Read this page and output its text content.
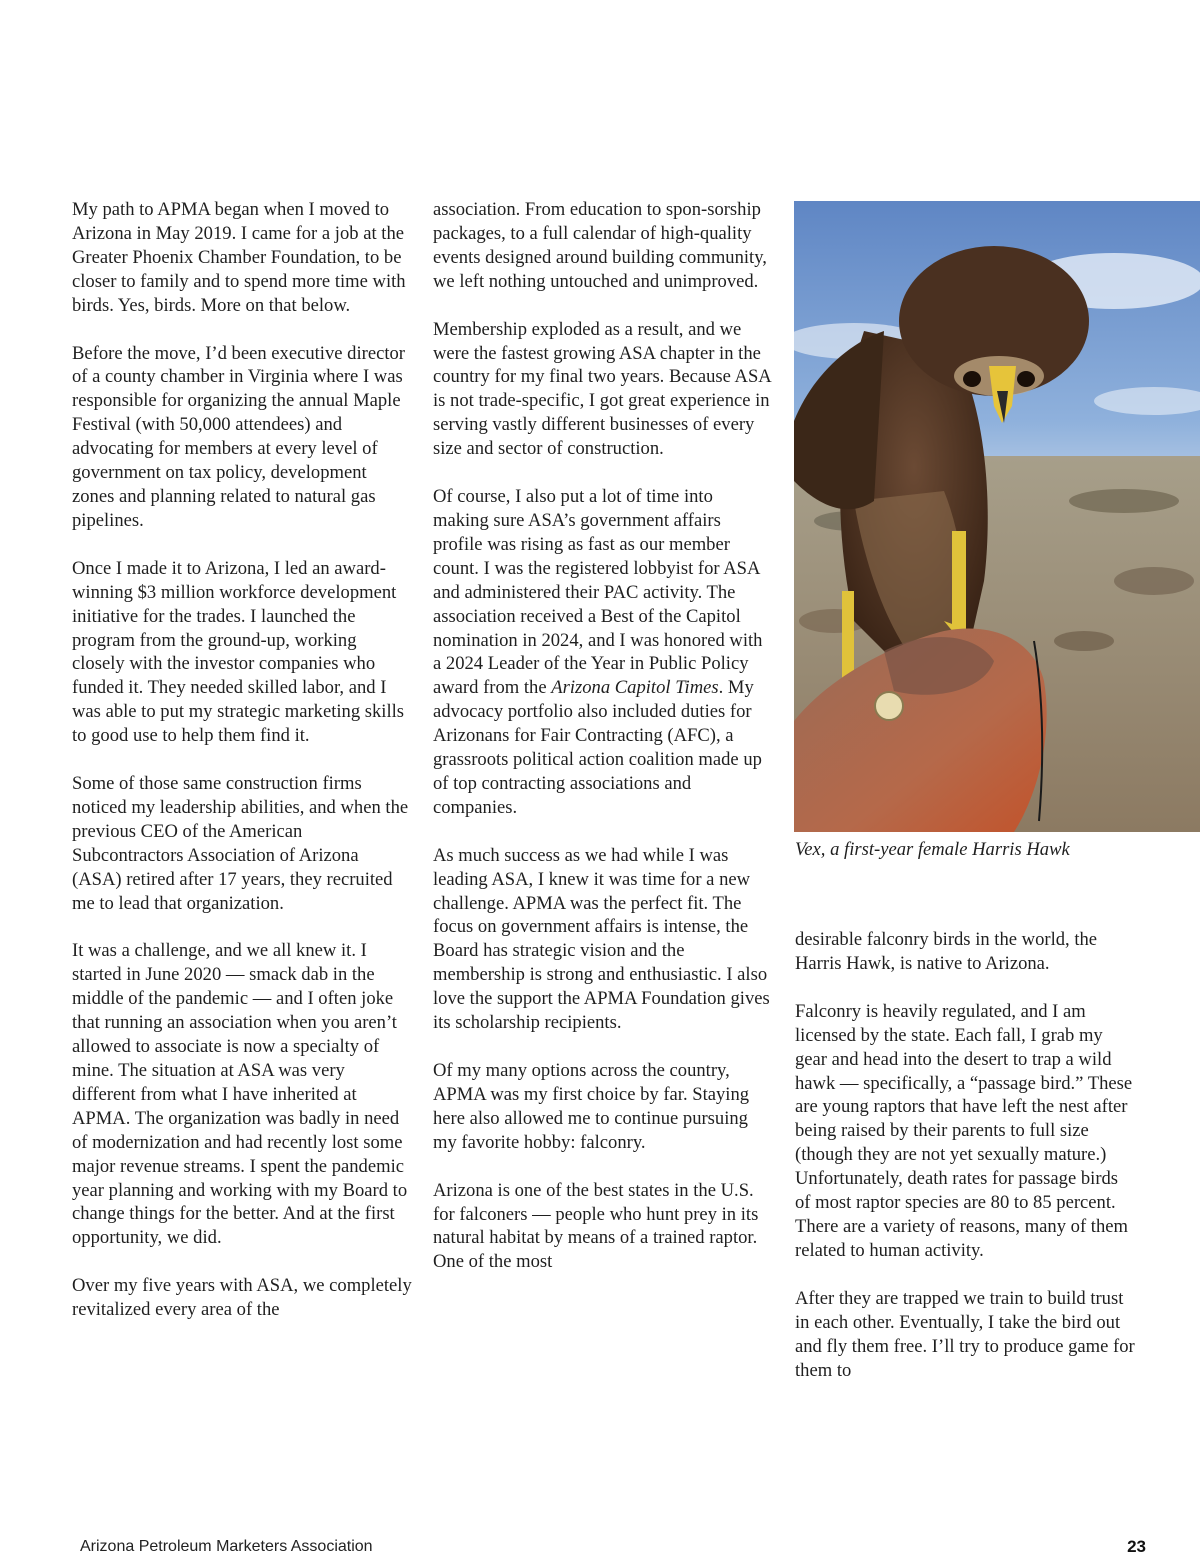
My path to APMA began when I moved to Arizona in May 2019. I came for a job at the Greater Phoenix Chamber Foundation, to be closer to family and to spend more time with birds. Yes, birds. More on that below.

Before the move, I’d been executive director of a county chamber in Virginia where I was responsible for organizing the annual Maple Festival (with 50,000 attendees) and advocating for members at every level of government on tax policy, development zones and planning related to natural gas pipelines.

Once I made it to Arizona, I led an award-winning $3 million workforce development initiative for the trades. I launched the program from the ground-up, working closely with the investor companies who funded it. They needed skilled labor, and I was able to put my strategic marketing skills to good use to help them find it.

Some of those same construction firms noticed my leadership abilities, and when the previous CEO of the American Subcontractors Association of Arizona (ASA) retired after 17 years, they recruited me to lead that organization.

It was a challenge, and we all knew it. I started in June 2020 — smack dab in the middle of the pandemic — and I often joke that running an association when you aren’t allowed to associate is now a specialty of mine. The situation at ASA was very different from what I have inherited at APMA. The organization was badly in need of modernization and had recently lost some major revenue streams. I spent the pandemic year planning and working with my Board to change things for the better. And at the first opportunity, we did.

Over my five years with ASA, we completely revitalized every area of the

association. From education to spon-sorship packages, to a full calendar of high-quality events designed around building community, we left nothing untouched and unimproved.

Membership exploded as a result, and we were the fastest growing ASA chapter in the country for my final two years. Because ASA is not trade-specific, I got great experience in serving vastly different businesses of every size and sector of construction.

Of course, I also put a lot of time into making sure ASA’s government affairs profile was rising as fast as our member count. I was the registered lobbyist for ASA and administered their PAC activity. The association received a Best of the Capitol nomination in 2024, and I was honored with a 2024 Leader of the Year in Public Policy award from the Arizona Capitol Times. My advocacy portfolio also included duties for Arizonans for Fair Contracting (AFC), a grassroots political action coalition made up of top contracting associations and companies.

As much success as we had while I was leading ASA, I knew it was time for a new challenge. APMA was the perfect fit. The focus on government affairs is intense, the Board has strategic vision and the membership is strong and enthusiastic. I also love the support the APMA Foundation gives its scholarship recipients.

Of my many options across the country, APMA was my first choice by far. Staying here also allowed me to continue pursuing my favorite hobby: falconry.

Arizona is one of the best states in the U.S. for falconers — people who hunt prey in its natural habitat by means of a trained raptor. One of the most

Vex, a first-year female Harris Hawk

desirable falconry birds in the world, the Harris Hawk, is native to Arizona.

Falconry is heavily regulated, and I am licensed by the state. Each fall, I grab my gear and head into the desert to trap a wild hawk — specifically, a “passage bird.” These are young raptors that have left the nest after being raised by their parents to full size (though they are not yet sexually mature.) Unfortunately, death rates for passage birds of most raptor species are 80 to 85 percent. There are a variety of reasons, many of them related to human activity.

After they are trapped we train to build trust in each other. Eventually, I take the bird out and fly them free. I’ll try to produce game for them to

Arizona Petroleum Marketers Association	23
